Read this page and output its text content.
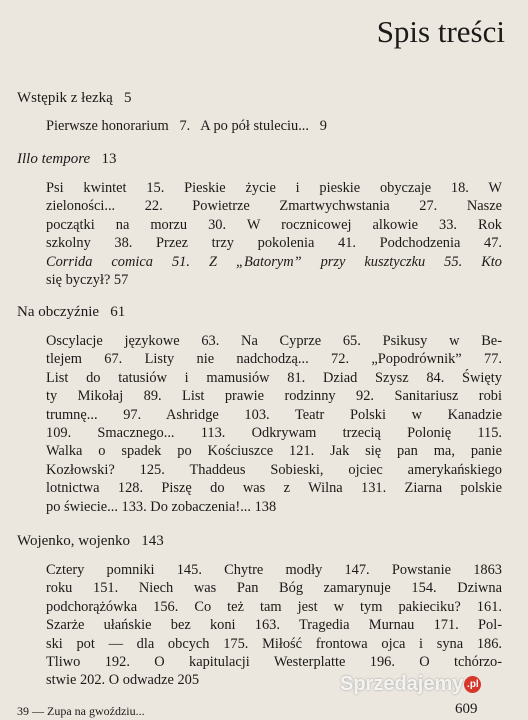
Spis treści
Wstępik z łezką 5
Pierwsze honorarium   7.   A po pół stuleciu...   9
Illo tempore 13
Psi kwintet 15. Pieskie życie i pieskie obyczaje 18. W
zieloności... 22. Powietrze Zmartwychwstania 27. Nasze
początki na morzu 30. W rocznicowej alkowie 33. Rok
szkolny 38. Przez trzy pokolenia 41. Podchodzenia 47.
Corrida comica 51. Z „Batorym” przy kusztyczku 55. Kto
się byczył? 57
Na obczyźnie 61
Oscylacje językowe 63. Na Cyprze 65. Psikusy w Be-
tlejem 67. Listy nie nadchodzą... 72. „Popodrównik” 77.
List do tatusiów i mamusiów 81. Dziad Szysz 84. Święty
ty Mikołaj 89. List prawie rodzinny 92. Sanitariusz robi
trumnę... 97. Ashridge 103. Teatr Polski w Kanadzie
109. Smacznego... 113. Odkrywam trzecią Polonię 115.
Walka o spadek po Kościuszce 121. Jak się pan ma, panie
Kozłowski? 125. Thaddeus Sobieski, ojciec amerykańskiego
lotnictwa 128. Piszę do was z Wilna 131. Ziarna polskie
po świecie... 133. Do zobaczenia!... 138
Wojenko, wojenko 143
Cztery pomniki 145. Chytre modły 147. Powstanie 1863
roku 151. Niech was Pan Bóg zamarynuje 154. Dziwna
podchorążówka 156. Co też tam jest w tym pakieciku? 161.
Szarże ułańskie bez koni 163. Tragedia Murnau 171. Pol-
ski pot — dla obcych 175. Miłość frontowa ojca i syna 186.
Tliwo 192. O kapitulacji Westerplatte 196. O tchórzo-
stwie 202. O odwadze 205
39 — Zupa na gwoździu...	609
Sprzedajemy .pl
